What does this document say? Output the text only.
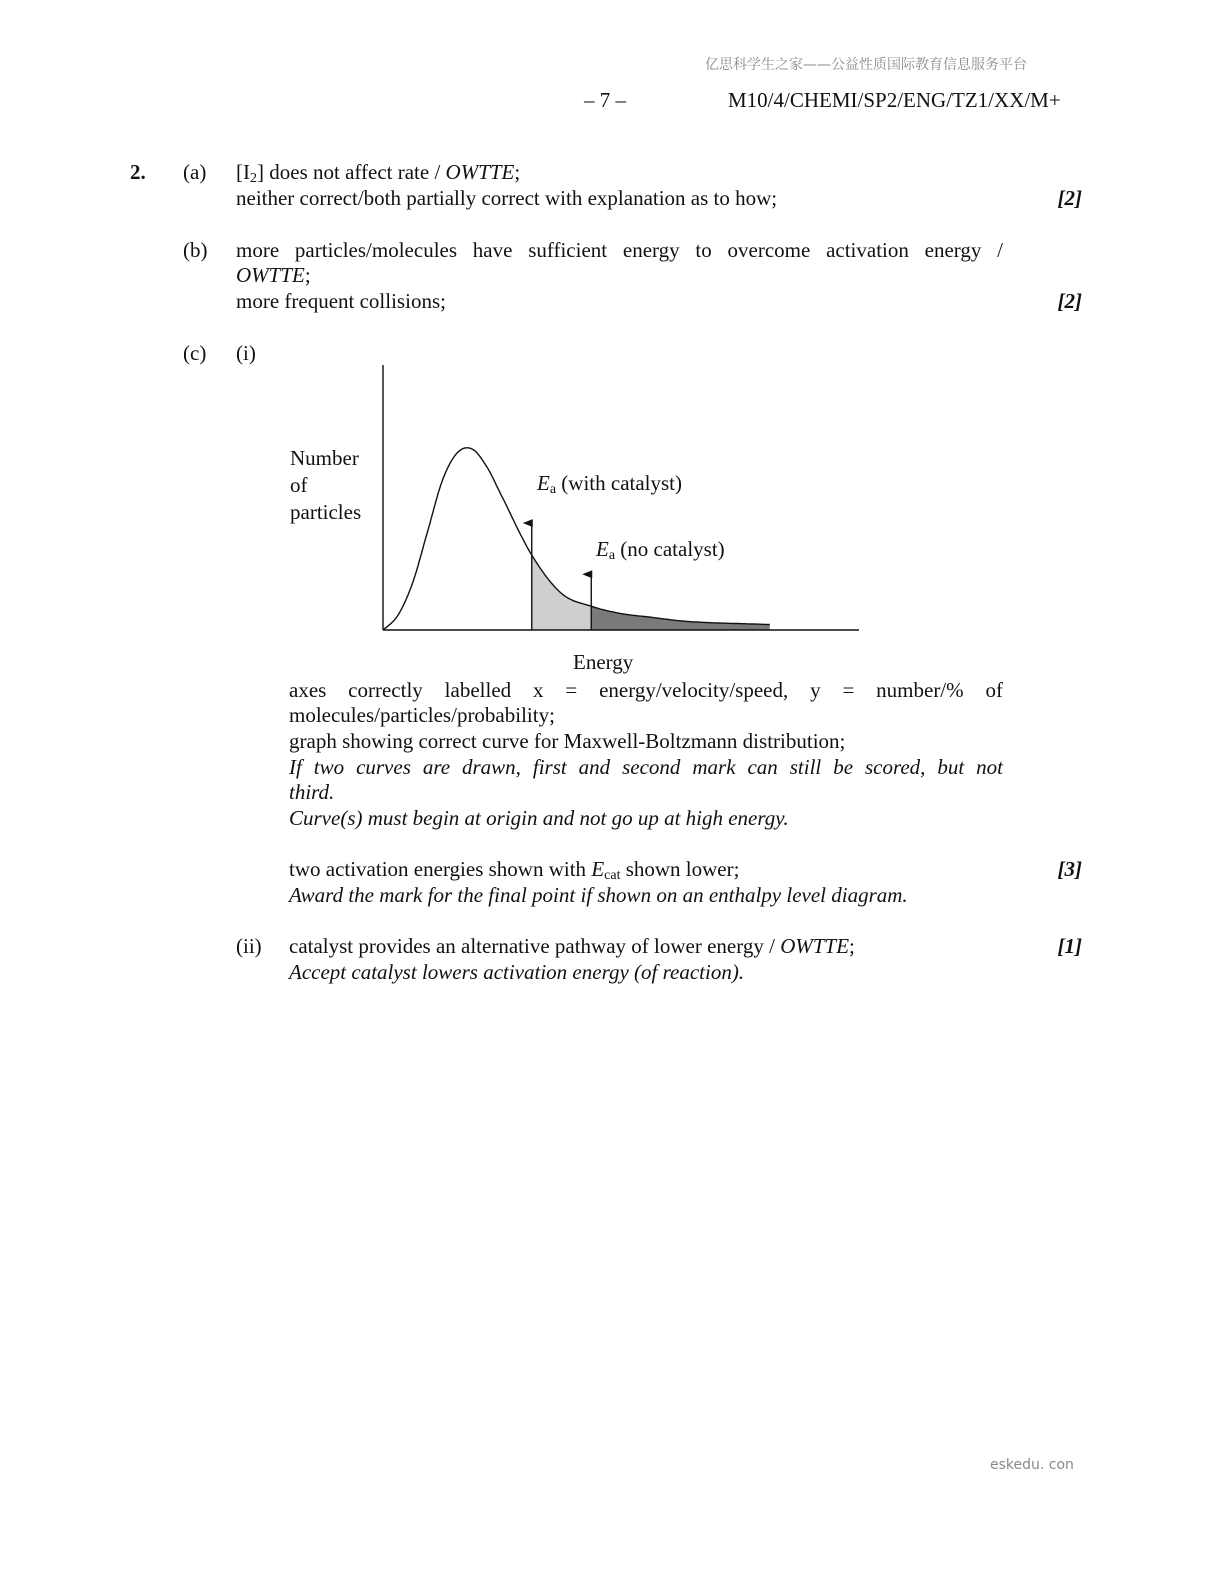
亿思科学生之家——公益性质国际教育信息服务平台
– 7 –	M10/4/CHEMI/SP2/ENG/TZ1/XX/M+
2. (a) $[I_2]$ does not affect rate / OWTTE;
neither correct/both partially correct with explanation as to how;	[2]
(b) more particles/molecules have sufficient energy to overcome activation energy /
OWTTE;
more frequent collisions;	[2]
(c) (i)
Number
of
particles
$E_a$ (with catalyst)
$E_a$ (no catalyst)
Energy
axes correctly labelled x = energy/velocity/speed, y = number/% of
molecules/particles/probability;
graph showing correct curve for Maxwell-Boltzmann distribution;
If two curves are drawn, first and second mark can still be scored, but not
third.
Curve(s) must begin at origin and not go up at high energy.
two activation energies shown with $E_{cat}$ shown lower;	[3]
Award the mark for the final point if shown on an enthalpy level diagram.
(ii) catalyst provides an alternative pathway of lower energy / OWTTE;	[1]
Accept catalyst lowers activation energy (of reaction).
eskedu. con
